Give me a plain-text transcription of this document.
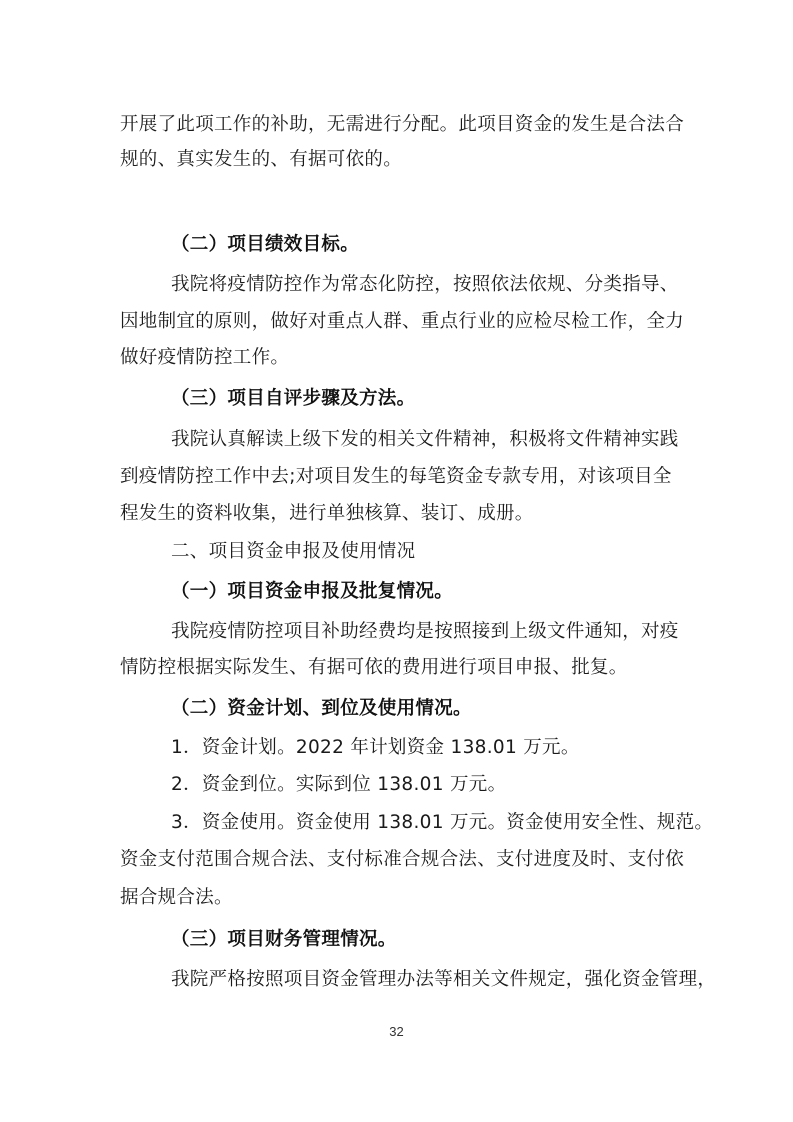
开展了此项工作的补助，无需进行分配。此项目资金的发生是合法合
规的、真实发生的、有据可依的。
（二）项目绩效目标。
我院将疫情防控作为常态化防控，按照依法依规、分类指导、
因地制宜的原则，做好对重点人群、重点行业的应检尽检工作，全力
做好疫情防控工作。
（三）项目自评步骤及方法。
我院认真解读上级下发的相关文件精神，积极将文件精神实践
到疫情防控工作中去;对项目发生的每笔资金专款专用，对该项目全
程发生的资料收集，进行单独核算、装订、成册。
二、项目资金申报及使用情况
（一）项目资金申报及批复情况。
我院疫情防控项目补助经费均是按照接到上级文件通知，对疫
情防控根据实际发生、有据可依的费用进行项目申报、批复。
（二）资金计划、到位及使用情况。
1．资金计划。2022 年计划资金 138.01 万元。
2．资金到位。实际到位 138.01 万元。
3．资金使用。资金使用 138.01 万元。资金使用安全性、规范。
资金支付范围合规合法、支付标准合规合法、支付进度及时、支付依
据合规合法。
（三）项目财务管理情况。
我院严格按照项目资金管理办法等相关文件规定，强化资金管理，
32
